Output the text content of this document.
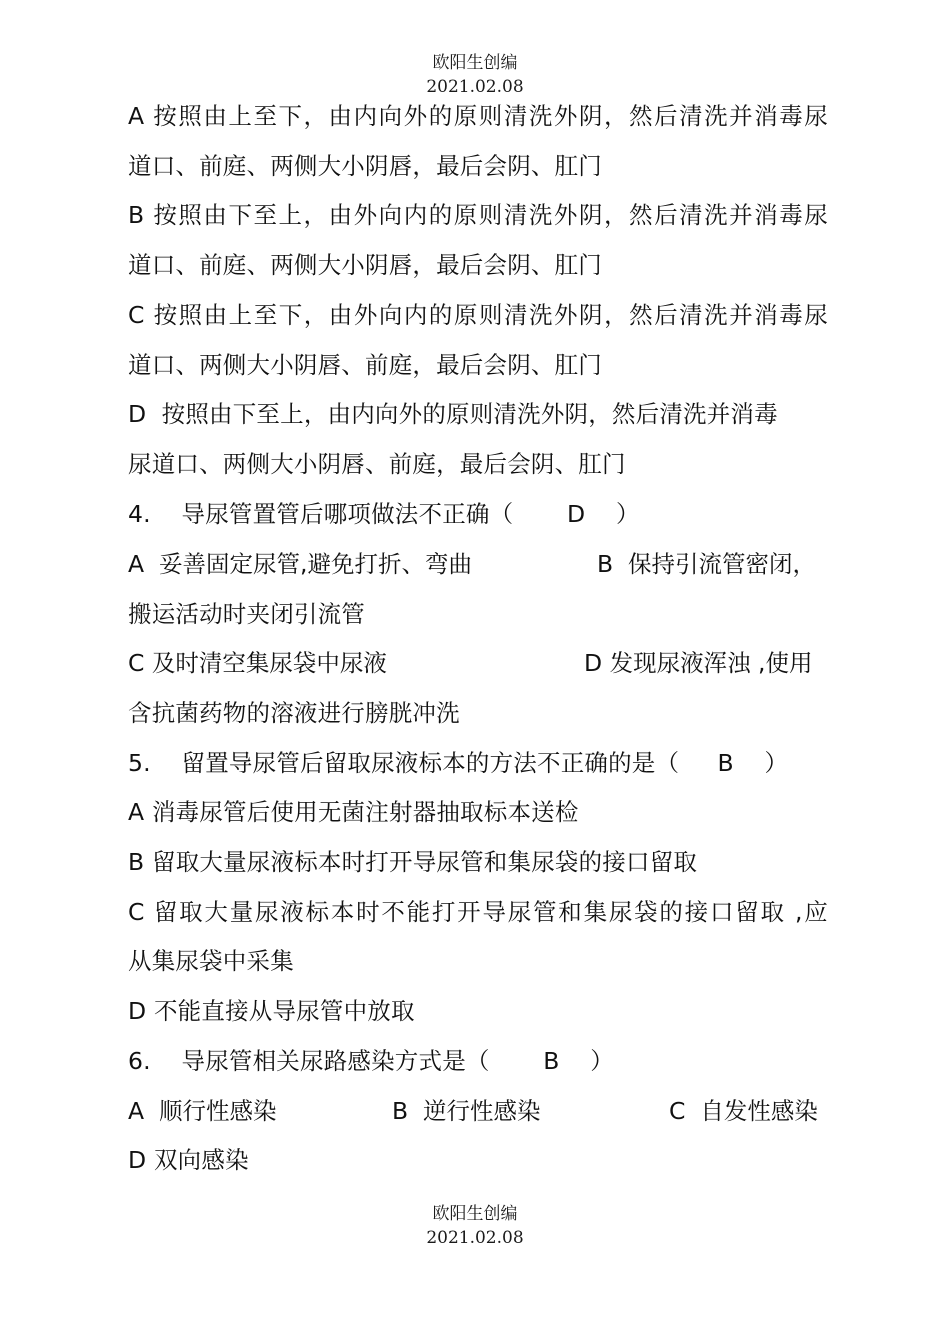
欧阳生创编
2021.02.08
A 按照由上至下，由内向外的原则清洗外阴，然后清洗并消毒尿
道口、前庭、两侧大小阴唇，最后会阴、肛门
B 按照由下至上，由外向内的原则清洗外阴，然后清洗并消毒尿
道口、前庭、两侧大小阴唇，最后会阴、肛门
C 按照由上至下，由外向内的原则清洗外阴，然后清洗并消毒尿
道口、两侧大小阴唇、前庭，最后会阴、肛门
D  按照由下至上，由内向外的原则清洗外阴，然后清洗并消毒
尿道口、两侧大小阴唇、前庭，最后会阴、肛门
4.    导尿管置管后哪项做法不正确（       D    ）
A  妥善固定尿管,避免打折、弯曲	B  保持引流管密闭，
搬运活动时夹闭引流管
C 及时清空集尿袋中尿液	D 发现尿液浑浊 ,使用
含抗菌药物的溶液进行膀胱冲洗
5.    留置导尿管后留取尿液标本的方法不正确的是（     B    ）
A 消毒尿管后使用无菌注射器抽取标本送检
B 留取大量尿液标本时打开导尿管和集尿袋的接口留取
C 留取大量尿液标本时不能打开导尿管和集尿袋的接口留取 ,应
从集尿袋中采集
D 不能直接从导尿管中放取
6.    导尿管相关尿路感染方式是（       B    ）
A  顺行性感染	B  逆行性感染	C  自发性感染
D 双向感染
欧阳生创编
2021.02.08
